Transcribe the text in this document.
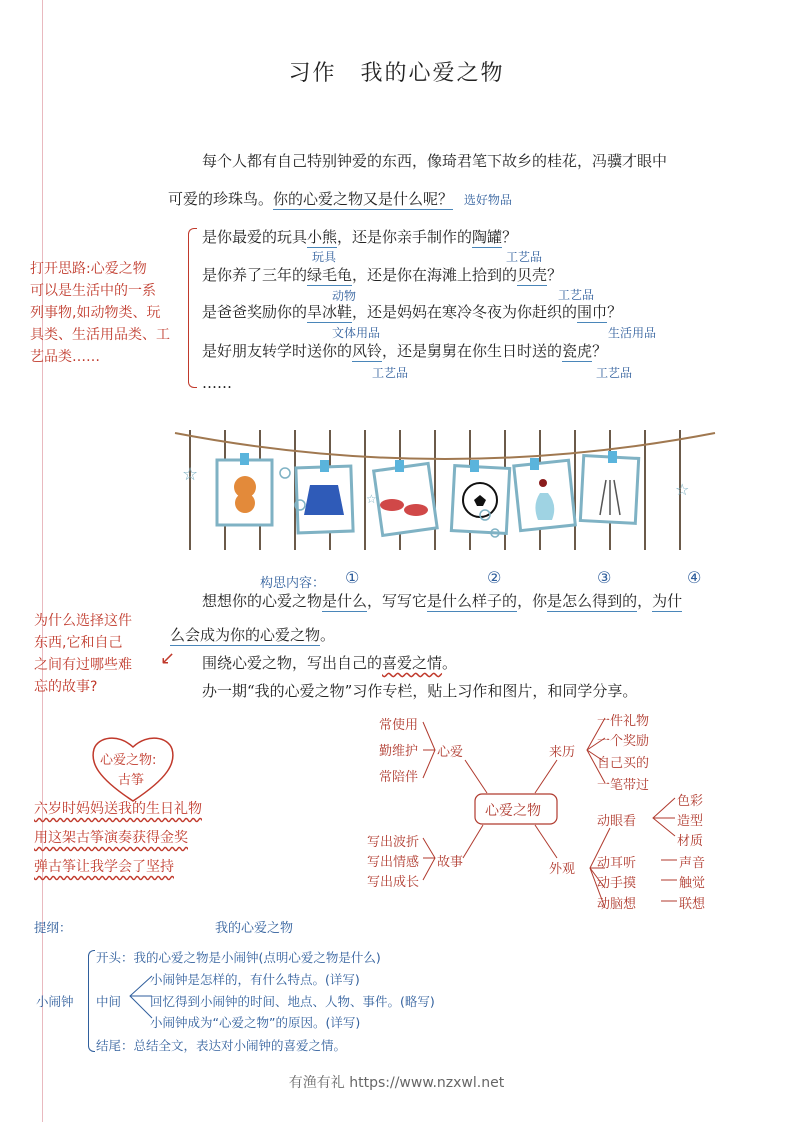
习作　我的心爱之物
每个人都有自己特别钟爱的东西，像琦君笔下故乡的桂花，冯骥才眼中
可爱的珍珠鸟。你的心爱之物又是什么呢？ 选好物品
打开思路:心爱之物
可以是生活中的一系
列事物,如动物类、玩
具类、生活用品类、工
艺品类……
是你最爱的玩具小熊，还是你亲手制作的陶罐？
玩具	工艺品
是你养了三年的绿毛龟，还是你在海滩上拾到的贝壳？
动物	工艺品
是爸爸奖励你的旱冰鞋，还是妈妈在寒冷冬夜为你赶织的围巾？
文体用品	生活用品
是好朋友转学时送你的风铃，还是舅舅在你生日时送的瓷虎？
工艺品	工艺品
……
☆
☆
☆
构思内容： ①	②	③	④
想想你的心爱之物是什么，写写它是什么样子的，你是怎么得到的，为什
么会成为你的心爱之物。
围绕心爱之物，写出自己的喜爱之情。
办一期“我的心爱之物”习作专栏，贴上习作和图片，和同学分享。
为什么选择这件
东西,它和自己
之间有过哪些难
忘的故事?
↙
心爱之物:
古筝
六岁时妈妈送我的生日礼物
用这架古筝演奏获得金奖
弹古筝让我学会了坚持
心爱之物
常使用
勤维护
常陪伴
心爱
写出波折
写出情感
写出成长
故事
来历
一件礼物
一个奖励
自己买的
一笔带过
外观
动眼看
色彩
造型
材质
动耳听	声音
动手摸	触觉
动脑想	联想
提纲：	我的心爱之物
小闹钟
开头：我的心爱之物是小闹钟(点明心爱之物是什么)
中间
小闹钟是怎样的，有什么特点。(详写)
回忆得到小闹钟的时间、地点、人物、事件。(略写)
小闹钟成为“心爱之物”的原因。(详写)
结尾：总结全文，表达对小闹钟的喜爱之情。
有渔有礼 https://www.nzxwl.net
